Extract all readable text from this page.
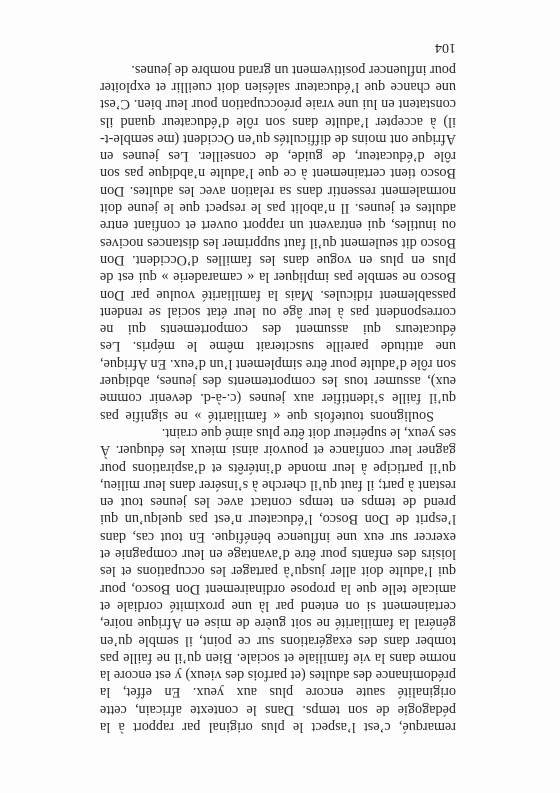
remarqué, c’est l’aspect le plus original par rapport à la pédagogie de son temps. Dans le contexte africain, cette originalité saute encore plus aux yeux. En effet, la prédominance des adultes (et parfois des vieux) y est encore la norme dans la vie familiale et sociale. Bien qu’il ne faille pas tomber dans des exagérations sur ce point, il semble qu’en général la familiarité ne soit guère de mise en Afrique noire, certainement si on entend par là une proximité cordiale et amicale telle que la propose ordinairement Don Bosco, pour qui l’adulte doit aller jusqu’à partager les occupations et les loisirs des enfants pour être d’avantage en leur compagnie et exercer sur eux une influence bénéfique. En tout cas, dans l’esprit de Don Bosco, l’éducateur n’est pas quelqu’un qui prend de temps en temps contact avec les jeunes tout en restant à part; il faut qu’il cherche à s’insérer dans leur milieu, qu’il participe à leur monde d’intérêts et d’aspirations pour gagner leur confiance et pouvoir ainsi mieux les éduquer. À ses yeux, le supérieur doit être plus aimé que craint.

Soulignons toutefois que « familiarité » ne signifie pas qu’il faille s’identifier aux jeunes (c.-à-d. devenir comme eux), assumer tous les comportements des jeunes, abdiquer son rôle d’adulte pour être simplement l’un d’eux. En Afrique, une attitude pareille susciterait même le mépris. Les éducateurs qui assument des comportements qui ne correspondent pas à leur âge ou leur état social se rendent passablement ridicules. Mais la familiarité voulue par Don Bosco ne semble pas impliquer la « camaraderie » qui est de plus en plus en vogue dans les familles d’Occident. Don Bosco dit seulement qu’il faut supprimer les distances nocives ou inutiles, qui entravent un rapport ouvert et confiant entre adultes et jeunes. Il n’abolit pas le respect que le jeune doit normalement ressentir dans sa relation avec les adultes. Don Bosco tient certainement à ce que l’adulte n’abdique pas son rôle d’éducateur, de guide, de conseiller. Les jeunes en Afrique ont moins de difficultés qu’en Occident (me semble-t-il) à accepter l’adulte dans son rôle d’éducateur quand ils constatent en lui une vraie préoccupation pour leur bien. C’est une chance que l’éducateur salésien doit cueillir et exploiter pour influencer positivement un grand nombre de jeunes.

104
